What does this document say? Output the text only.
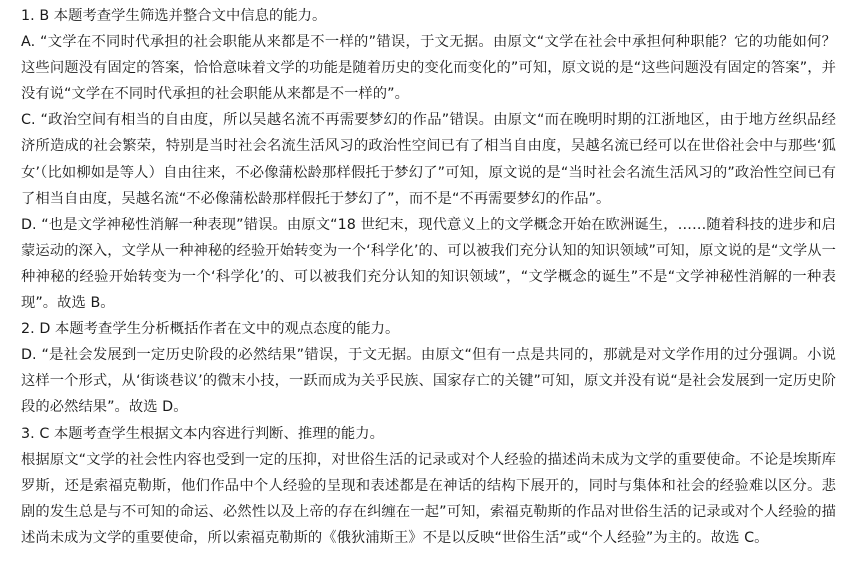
1. B 本题考查学生筛选并整合文中信息的能力。

A. “文学在不同时代承担的社会职能从来都是不一样的”错误，于文无据。由原文“文学在社会中承担何种职能？它的功能如何？这些问题没有固定的答案，恰恰意味着文学的功能是随着历史的变化而变化的”可知，原文说的是“这些问题没有固定的答案”，并没有说“文学在不同时代承担的社会职能从来都是不一样的”。

C. “政治空间有相当的自由度，所以吴越名流不再需要梦幻的作品”错误。由原文“而在晚明时期的江浙地区，由于地方丝织品经济所造成的社会繁荣，特别是当时社会名流生活风习的政治性空间已有了相当自由度，吴越名流已经可以在世俗社会中与那些‘狐女’（比如柳如是等人）自由往来，不必像蒲松龄那样假托于梦幻了”可知，原文说的是“当时社会名流生活风习的”政治性空间已有了相当自由度，吴越名流“不必像蒲松龄那样假托于梦幻了”，而不是“不再需要梦幻的作品”。

D. “也是文学神秘性消解一种表现”错误。由原文“18 世纪末，现代意义上的文学概念开始在欧洲诞生，……随着科技的进步和启蒙运动的深入，文学从一种神秘的经验开始转变为一个‘科学化’的、可以被我们充分认知的知识领域”可知，原文说的是“文学从一种神秘的经验开始转变为一个‘科学化’的、可以被我们充分认知的知识领域”，“文学概念的诞生”不是“文学神秘性消解的一种表现”。故选 B。

2. D 本题考查学生分析概括作者在文中的观点态度的能力。

D. “是社会发展到一定历史阶段的必然结果”错误，于文无据。由原文“但有一点是共同的，那就是对文学作用的过分强调。小说这样一个形式，从‘街谈巷议’的微末小技，一跃而成为关乎民族、国家存亡的关键”可知，原文并没有说“是社会发展到一定历史阶段的必然结果”。故选 D。

3. C 本题考查学生根据文本内容进行判断、推理的能力。

根据原文“文学的社会性内容也受到一定的压抑，对世俗生活的记录或对个人经验的描述尚未成为文学的重要使命。不论是埃斯库罗斯，还是索福克勒斯，他们作品中个人经验的呈现和表述都是在神话的结构下展开的，同时与集体和社会的经验难以区分。悲剧的发生总是与不可知的命运、必然性以及上帝的存在纠缠在一起”可知，索福克勒斯的作品对世俗生活的记录或对个人经验的描述尚未成为文学的重要使命，所以索福克勒斯的《俄狄浦斯王》不是以反映“世俗生活”或“个人经验”为主的。故选 C。
